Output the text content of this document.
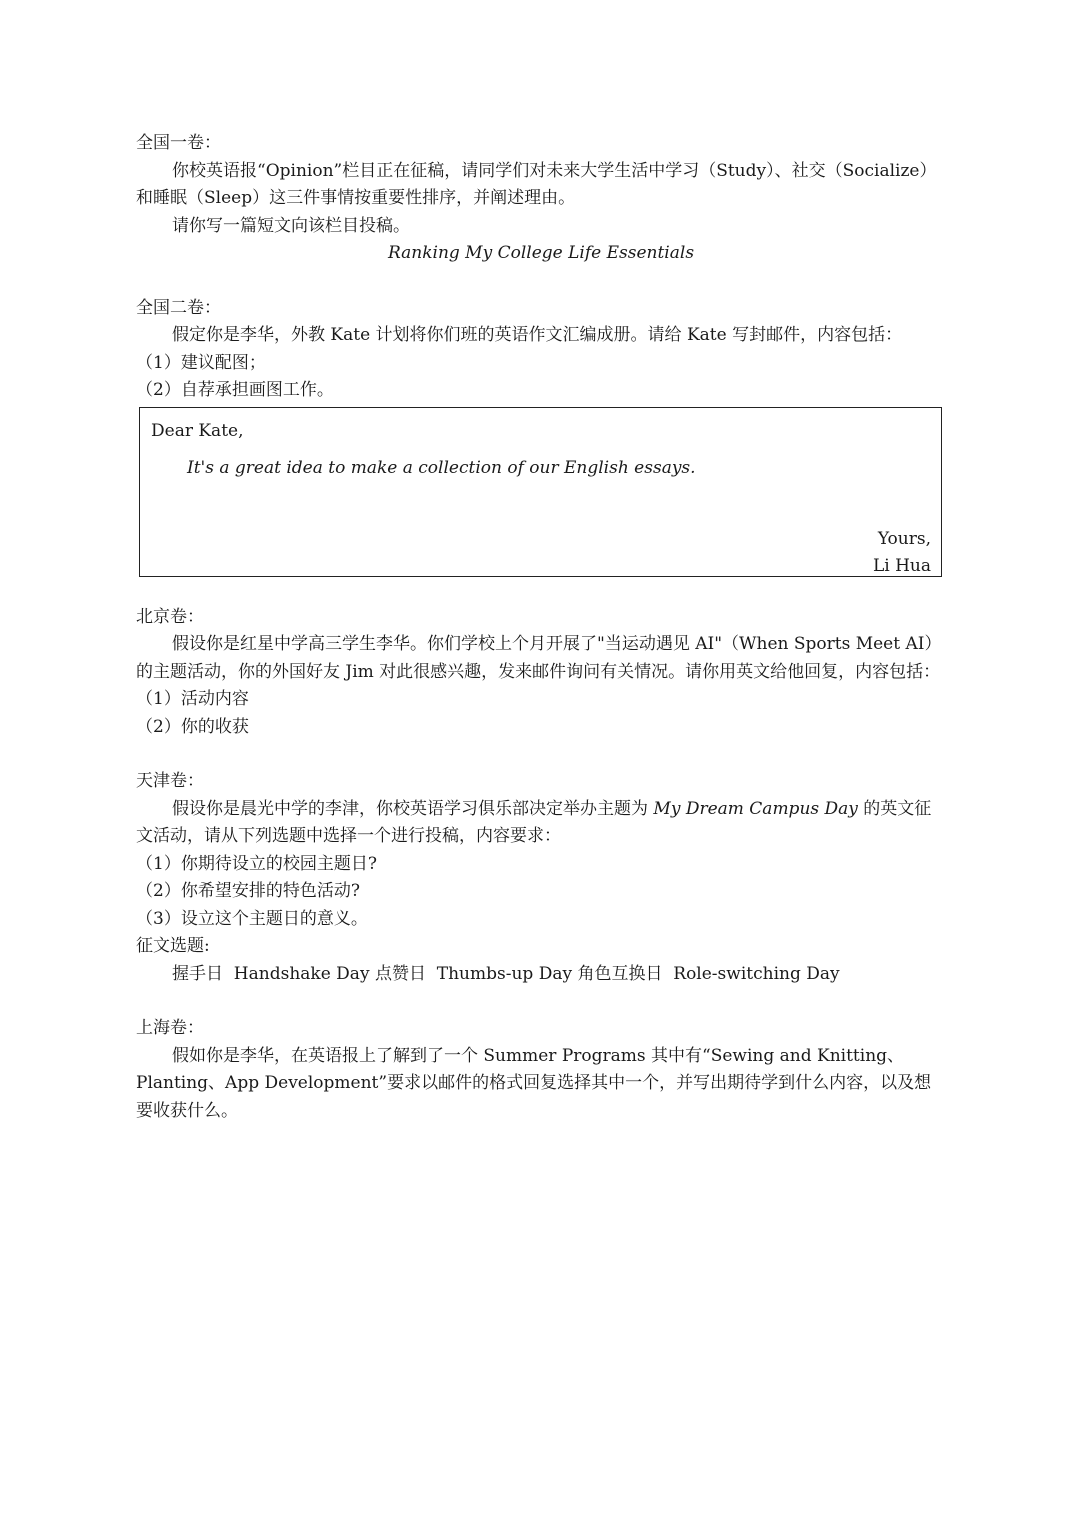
全国一卷：

你校英语报“Opinion”栏目正在征稿，请同学们对未来大学生活中学习（Study）、社交（Socialize）和睡眠（Sleep）这三件事情按重要性排序，并阐述理由。

请你写一篇短文向该栏目投稿。

Ranking My College Life Essentials

全国二卷：

假定你是李华，外教 Kate 计划将你们班的英语作文汇编成册。请给 Kate 写封邮件，内容包括：

（1）建议配图；

（2）自荐承担画图工作。

Dear Kate,

It's a great idea to make a collection of our English essays.

Yours,

Li Hua

北京卷：

假设你是红星中学高三学生李华。你们学校上个月开展了"当运动遇见 AI"（When Sports Meet AI）的主题活动，你的外国好友 Jim 对此很感兴趣，发来邮件询问有关情况。请你用英文给他回复，内容包括：

（1）活动内容

（2）你的收获

天津卷：

假设你是晨光中学的李津，你校英语学习俱乐部决定举办主题为 My Dream Campus Day 的英文征文活动，请从下列选题中选择一个进行投稿，内容要求：

（1）你期待设立的校园主题日?

（2）你希望安排的特色活动?

（3）设立这个主题日的意义。

征文选题:

握手日  Handshake Day 点赞日  Thumbs-up Day 角色互换日  Role-switching Day

上海卷：

假如你是李华，在英语报上了解到了一个 Summer Programs 其中有“Sewing and Knitting、Planting、App Development”要求以邮件的格式回复选择其中一个，并写出期待学到什么内容，以及想要收获什么。
